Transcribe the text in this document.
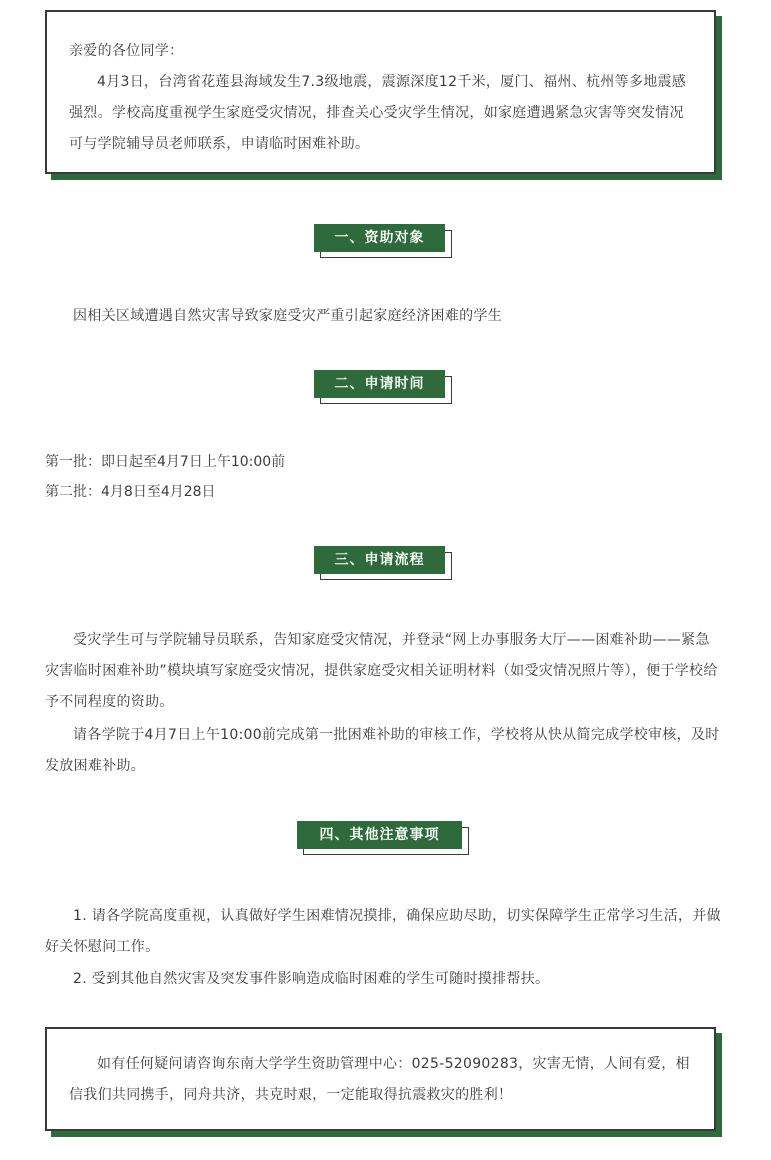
亲爱的各位同学：

4月3日，台湾省花莲县海域发生7.3级地震，震源深度12千米，厦门、福州、杭州等多地震感强烈。学校高度重视学生家庭受灾情况，排查关心受灾学生情况，如家庭遭遇紧急灾害等突发情况可与学院辅导员老师联系，申请临时困难补助。

一、资助对象

因相关区域遭遇自然灾害导致家庭受灾严重引起家庭经济困难的学生

二、申请时间

第一批：即日起至4月7日上午10:00前

第二批：4月8日至4月28日

三、申请流程

受灾学生可与学院辅导员联系，告知家庭受灾情况，并登录“网上办事服务大厅——困难补助——紧急灾害临时困难补助”模块填写家庭受灾情况，提供家庭受灾相关证明材料（如受灾情况照片等），便于学校给予不同程度的资助。

请各学院于4月7日上午10:00前完成第一批困难补助的审核工作，学校将从快从简完成学校审核，及时发放困难补助。

四、其他注意事项

1. 请各学院高度重视，认真做好学生困难情况摸排，确保应助尽助，切实保障学生正常学习生活，并做好关怀慰问工作。

2. 受到其他自然灾害及突发事件影响造成临时困难的学生可随时摸排帮扶。

如有任何疑问请咨询东南大学学生资助管理中心：025-52090283，灾害无情，人间有爱，相信我们共同携手，同舟共济，共克时艰，一定能取得抗震救灾的胜利！
